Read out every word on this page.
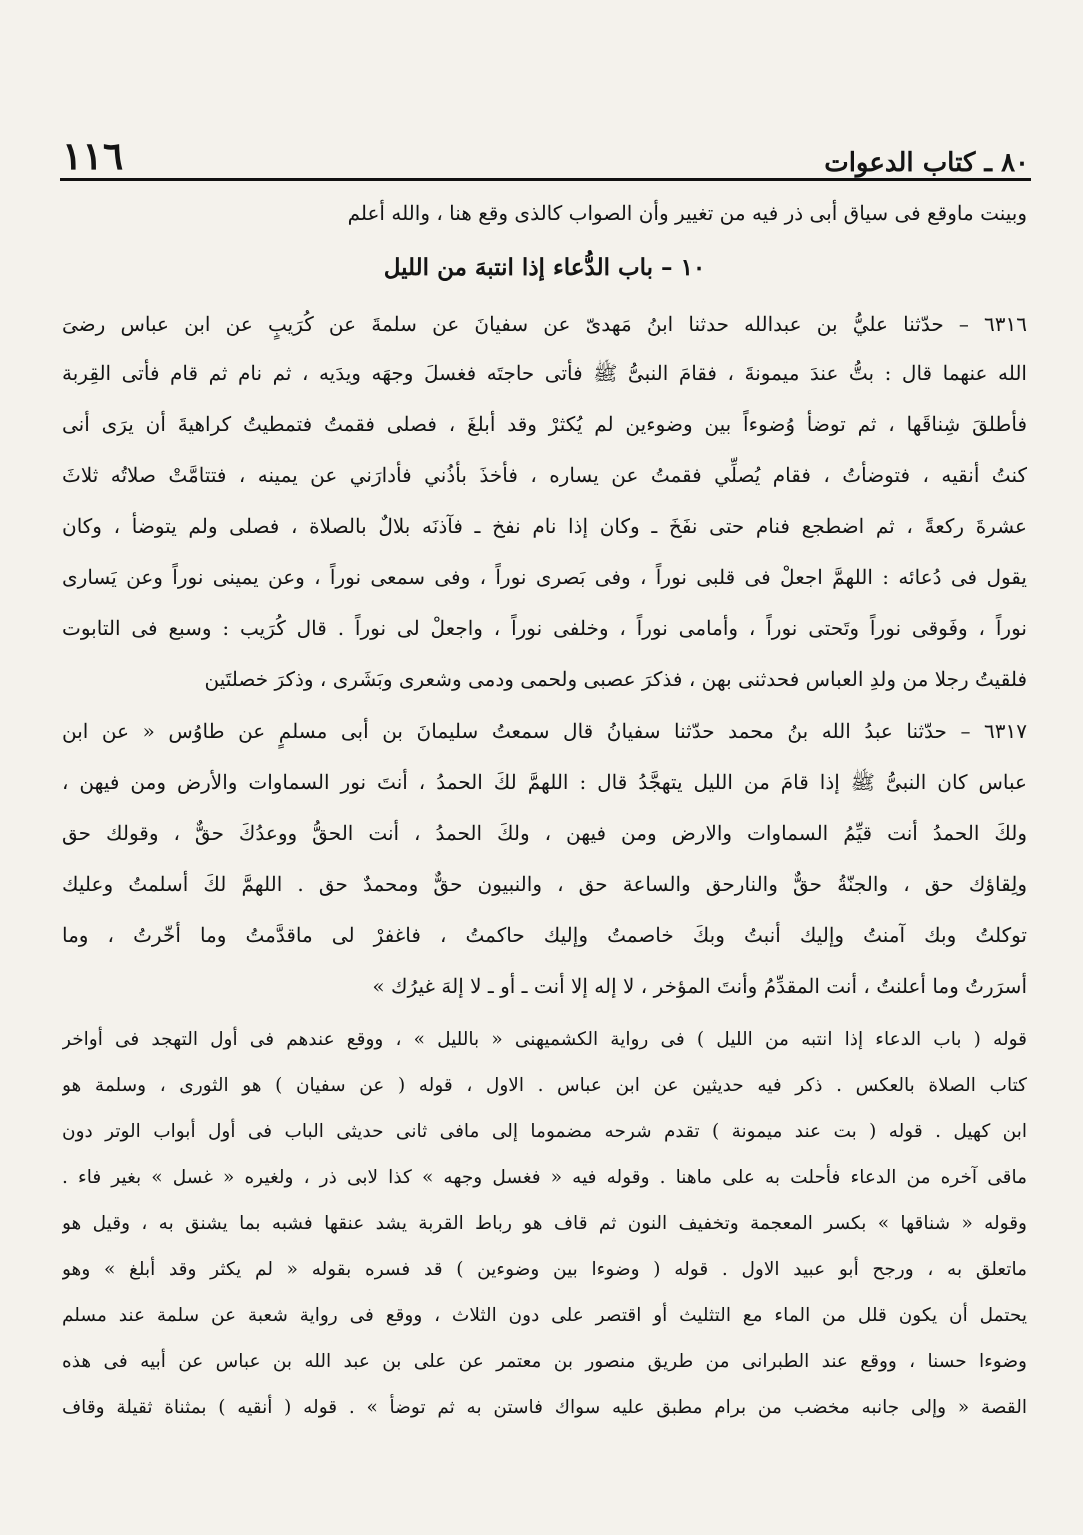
١١٦	٨٠ ـ كتاب الدعوات
وبينت ماوقع فى سياق أبى ذر فيه من تغيير وأن الصواب كالذى وقع هنا ، والله أعلم
١٠ – باب الدُّعاء إذا انتبهَ من الليل
٦٣١٦ – حدّثنا عليُّ بن عبدالله حدثنا ابنُ مَهدىّ عن سفيانَ عن سلمةَ عن كُرَيبٍ عن ابن عباس رضىَ
الله عنهما قال : بتُّ عندَ ميمونةَ ، فقامَ النبىُّ ﷺ فأتى حاجتَه فغسلَ وجهَه ويدَيه ، ثم نام ثم قام فأتى القِربة
فأطلقَ شِناقَها ، ثم توضأ وُضوءاً بين وضوءين لم يُكثرْ وقد أبلغَ ، فصلى فقمتُ فتمطيتُ كراهيةَ أن يرَى أنى
كنتُ أنقيه ، فتوضأتُ ، فقام يُصلِّي فقمتُ عن يساره ، فأخذَ بأذُني فأدارَني عن يمينه ، فتتامَّتْ صلاتُه ثلاثَ
عشرةَ ركعةً ، ثم اضطجع فنام حتى نفَخَ ـ وكان إذا نام نفخ ـ فآذنَه بلالٌ بالصلاة ، فصلى ولم يتوضأ ، وكان
يقول فى دُعائه : اللهمَّ اجعلْ فى قلبى نوراً ، وفى بَصرى نوراً ، وفى سمعى نوراً ، وعن يمينى نوراً وعن يَسارى
نوراً ، وفَوقى نوراً وتَحتى نوراً ، وأمامى نوراً ، وخلفى نوراً ، واجعلْ لى نوراً . قال كُرَيب : وسبع فى التابوت
فلقيتُ رجلا من ولدِ العباس فحدثنى بهن ، فذكرَ عصبى ولحمى ودمى وشعرى وبَشَرى ، وذكرَ خصلتَين
٦٣١٧ – حدّثنا عبدُ الله بنُ محمد حدّثنا سفيانُ قال سمعتُ سليمانَ بن أبى مسلمٍ عن طاوُس « عن ابن
عباس كان النبىُّ ﷺ إذا قامَ من الليل يتهجَّدُ قال : اللهمَّ لكَ الحمدُ ، أنتَ نور السماوات والأرض ومن فيهن ،
ولكَ الحمدُ أنت قيِّمُ السماوات والارض ومن فيهن ، ولكَ الحمدُ ، أنت الحقُّ ووعدُكَ حقٌّ ، وقولك حق
ولِقاؤك حق ، والجنّةُ حقٌّ والنارحق والساعة حق ، والنبيون حقٌّ ومحمدٌ حق . اللهمَّ لكَ أسلمتُ وعليك
توكلتُ وبك آمنتُ وإليك أنبتُ وبكَ خاصمتُ وإليك حاكمتُ ، فاغفرْ لى ماقدَّمتُ وما أخّرتُ ، وما
أسرَرتُ وما أعلنتُ ، أنت المقدِّمُ وأنتَ المؤخر ، لا إله إلا أنت ـ أو ـ لا إلهَ غيرُك »
قوله ( باب الدعاء إذا انتبه من الليل ) فى رواية الكشميهنى « بالليل » ، ووقع عندهم فى أول التهجد فى أواخر
كتاب الصلاة بالعكس . ذكر فيه حديثين عن ابن عباس . الاول ، قوله ( عن سفيان ) هو الثورى ، وسلمة هو
ابن كهيل . قوله ( بت عند ميمونة ) تقدم شرحه مضموما إلى مافى ثانى حديثى الباب فى أول أبواب الوتر دون
ماقى آخره من الدعاء فأحلت به على ماهنا . وقوله فيه « فغسل وجهه » كذا لابى ذر ، ولغيره « غسل » بغير فاء .
وقوله « شناقها » بكسر المعجمة وتخفيف النون ثم قاف هو رباط القربة يشد عنقها فشبه بما يشنق به ، وقيل هو
ماتعلق به ، ورجح أبو عبيد الاول . قوله ( وضوءا بين وضوءين ) قد فسره بقوله « لم يكثر وقد أبلغ » وهو
يحتمل أن يكون قلل من الماء مع التثليث أو اقتصر على دون الثلاث ، ووقع فى رواية شعبة عن سلمة عند مسلم
وضوءا حسنا ، ووقع عند الطبرانى من طريق منصور بن معتمر عن على بن عبد الله بن عباس عن أبيه فى هذه
القصة « وإلى جانبه مخضب من برام مطبق عليه سواك فاستن به ثم توضأ » . قوله ( أنقيه ) بمثناة ثقيلة وقاف
